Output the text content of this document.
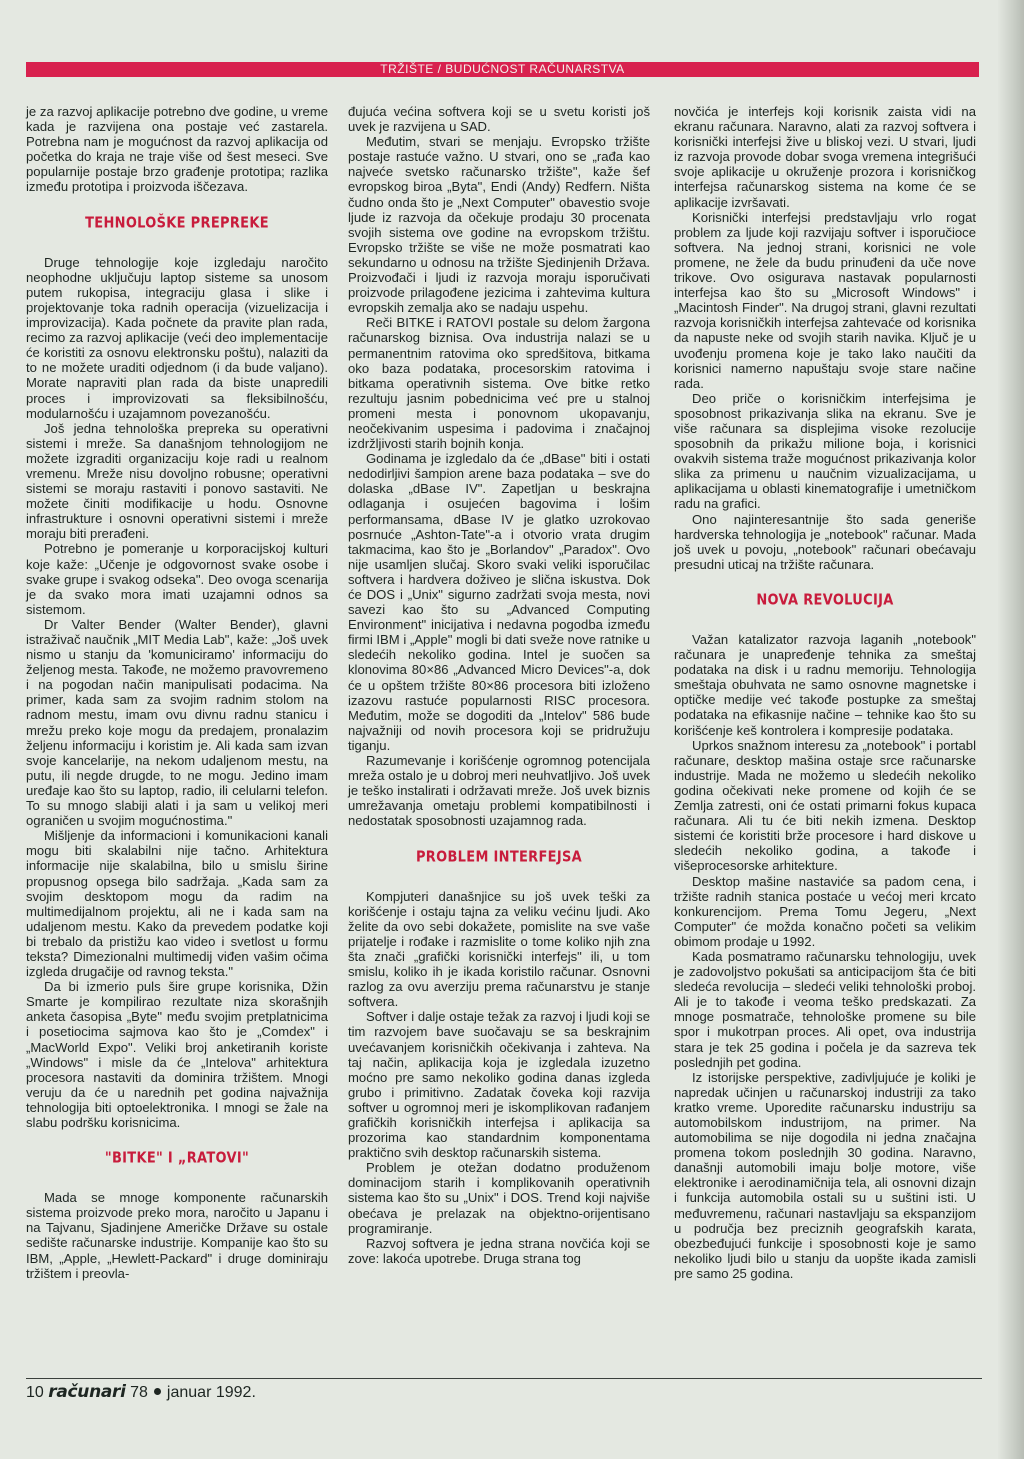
TRŽIŠTE / BUDUĆNOST RAČUNARSTVA

je za razvoj aplikacije potrebno dve godine, u vreme kada je razvijena ona postaje već zastarela. Potrebna nam je mogućnost da razvoj aplikacija od početka do kraja ne traje više od šest meseci. Sve popularnije postaje brzo građenje prototipa; razlika između prototipa i proizvoda iščezava.

TEHNOLOŠKE PREPREKE

Druge tehnologije koje izgledaju naročito neophodne uključuju laptop sisteme sa unosom putem rukopisa, integraciju glasa i slike i projektovanje toka radnih operacija (vizuelizacija i improvizacija). Kada počnete da pravite plan rada, recimo za razvoj aplikacije (veći deo implementacije će koristiti za osnovu elektronsku poštu), nalaziti da to ne možete uraditi odjednom (i da bude valjano). Morate napraviti plan rada da biste unapredili proces i improvizovati sa fleksibilnošću, modularnošću i uzajamnom povezanošću.

Još jedna tehnološka prepreka su operativni sistemi i mreže. Sa današnjom tehnologijom ne možete izgraditi organizaciju koje radi u realnom vremenu. Mreže nisu dovoljno robusne; operativni sistemi se moraju rastaviti i ponovo sastaviti. Ne možete činiti modifikacije u hodu. Osnovne infrastrukture i osnovni operativni sistemi i mreže moraju biti prerađeni.

Potrebno je pomeranje u korporacijskoj kulturi koje kaže: „Učenje je odgovornost svake osobe i svake grupe i svakog odseka". Deo ovoga scenarija je da svako mora imati uzajamni odnos sa sistemom.

Dr Valter Bender (Walter Bender), glavni istraživač naučnik „MIT Media Lab", kaže: „Još uvek nismo u stanju da 'komuniciramo' informaciju do željenog mesta. Takođe, ne možemo pravovremeno i na pogodan način manipulisati podacima. Na primer, kada sam za svojim radnim stolom na radnom mestu, imam ovu divnu radnu stanicu i mrežu preko koje mogu da predajem, pronalazim željenu informaciju i koristim je. Ali kada sam izvan svoje kancelarije, na nekom udaljenom mestu, na putu, ili negde drugde, to ne mogu. Jedino imam uređaje kao što su laptop, radio, ili celularni telefon. To su mnogo slabiji alati i ja sam u velikoj meri ograničen u svojim mogućnostima."

Mišljenje da informacioni i komunikacioni kanali mogu biti skalabilni nije tačno. Arhitektura informacije nije skalabilna, bilo u smislu širine propusnog opsega bilo sadržaja. „Kada sam za svojim desktopom mogu da radim na multimedijalnom projektu, ali ne i kada sam na udaljenom mestu. Kako da prevedem podatke koji bi trebalo da pristižu kao video i svetlost u formu teksta? Dimezionalni multimedij viđen vašim očima izgleda drugačije od ravnog teksta."

Da bi izmerio puls šire grupe korisnika, Džin Smarte je kompilirao rezultate niza skorašnjih anketa časopisa „Byte" među svojim pretplatnicima i posetiocima sajmova kao što je „Comdex" i „MacWorld Expo". Veliki broj anketiranih koriste „Windows" i misle da će „Intelova" arhitektura procesora nastaviti da dominira tržištem. Mnogi veruju da će u narednih pet godina najvažnija tehnologija biti optoelektronika. I mnogi se žale na slabu podršku korisnicima.

"BITKE" I „RATOVI"

Mada se mnoge komponente računarskih sistema proizvode preko mora, naročito u Japanu i na Tajvanu, Sjadinjene Američke Države su ostale sedište računarske industrije. Kompanije kao što su IBM, „Apple, „Hewlett-Packard" i druge dominiraju tržištem i preovla-

đujuća većina softvera koji se u svetu koristi još uvek je razvijena u SAD.

Međutim, stvari se menjaju. Evropsko tržište postaje rastuće važno. U stvari, ono se „rađa kao najveće svetsko računarsko tržište", kaže šef evropskog biroa „Byta", Endi (Andy) Redfern. Ništa čudno onda što je „Next Computer" obavestio svoje ljude iz razvoja da očekuje prodaju 30 procenata svojih sistema ove godine na evropskom tržištu. Evropsko tržište se više ne može posmatrati kao sekundarno u odnosu na tržište Sjedinjenih Država. Proizvođači i ljudi iz razvoja moraju isporučivati proizvode prilagođene jezicima i zahtevima kultura evropskih zemalja ako se nadaju uspehu.

Reči BITKE i RATOVI postale su delom žargona računarskog biznisa. Ova industrija nalazi se u permanentnim ratovima oko spredšitova, bitkama oko baza podataka, procesorskim ratovima i bitkama operativnih sistema. Ove bitke retko rezultuju jasnim pobednicima već pre u stalnoj promeni mesta i ponovnom ukopavanju, neočekivanim uspesima i padovima i značajnoj izdržljivosti starih bojnih konja.

Godinama je izgledalo da će „dBase" biti i ostati nedodirljivi šampion arene baza podataka – sve do dolaska „dBase IV". Zapetljan u beskrajna odlaganja i osujećen bagovima i lošim performansama, dBase IV je glatko uzrokovao posrnuće „Ashton-Tate"-a i otvorio vrata drugim takmacima, kao što je „Borlandov" „Paradox". Ovo nije usamljen slučaj. Skoro svaki veliki isporučilac softvera i hardvera doživeo je slična iskustva. Dok će DOS i „Unix" sigurno zadržati svoja mesta, novi savezi kao što su „Advanced Computing Environment" inicijativa i nedavna pogodba između firmi IBM i „Apple" mogli bi dati sveže nove ratnike u sledećih nekoliko godina. Intel je suočen sa klonovima 80×86 „Advanced Micro Devices"-a, dok će u opštem tržište 80×86 procesora biti izloženo izazovu rastuće popularnosti RISC procesora. Međutim, može se dogoditi da „Intelov" 586 bude najvažniji od novih procesora koji se pridružuju tiganju.

Razumevanje i korišćenje ogromnog potencijala mreža ostalo je u dobroj meri neuhvatljivo. Još uvek je teško instalirati i održavati mreže. Još uvek biznis umrežavanja ometaju problemi kompatibilnosti i nedostatak sposobnosti uzajamnog rada.

PROBLEM INTERFEJSA

Kompjuteri današnjice su još uvek teški za korišćenje i ostaju tajna za veliku većinu ljudi. Ako želite da ovo sebi dokažete, pomislite na sve vaše prijatelje i rođake i razmislite o tome koliko njih zna šta znači „grafički korisnički interfejs" ili, u tom smislu, koliko ih je ikada koristilo računar. Osnovni razlog za ovu averziju prema računarstvu je stanje softvera.

Softver i dalje ostaje težak za razvoj i ljudi koji se tim razvojem bave suočavaju se sa beskrajnim uvećavanjem korisničkih očekivanja i zahteva. Na taj način, aplikacija koja je izgledala izuzetno moćno pre samo nekoliko godina danas izgleda grubo i primitivno. Zadatak čoveka koji razvija softver u ogromnoj meri je iskomplikovan rađanjem grafičkih korisničkih interfejsa i aplikacija sa prozorima kao standardnim komponentama praktično svih desktop računarskih sistema.

Problem je otežan dodatno produženom dominacijom starih i komplikovanih operativnih sistema kao što su „Unix" i DOS. Trend koji najviše obećava je prelazak na objektno-orijentisano programiranje.

Razvoj softvera je jedna strana novčića koji se zove: lakoća upotrebe. Druga strana tog

novčića je interfejs koji korisnik zaista vidi na ekranu računara. Naravno, alati za razvoj softvera i korisnički interfejsi žive u bliskoj vezi. U stvari, ljudi iz razvoja provode dobar svoga vremena integrišući svoje aplikacije u okruženje prozora i korisničkog interfejsa računarskog sistema na kome će se aplikacije izvršavati.

Korisnički interfejsi predstavljaju vrlo rogat problem za ljude koji razvijaju softver i isporučioce softvera. Na jednoj strani, korisnici ne vole promene, ne žele da budu prinuđeni da uče nove trikove. Ovo osigurava nastavak popularnosti interfejsa kao što su „Microsoft Windows" i „Macintosh Finder". Na drugoj strani, glavni rezultati razvoja korisničkih interfejsa zahtevaće od korisnika da napuste neke od svojih starih navika. Ključ je u uvođenju promena koje je tako lako naučiti da korisnici namerno napuštaju svoje stare načine rada.

Deo priče o korisničkim interfejsima je sposobnost prikazivanja slika na ekranu. Sve je više računara sa displejima visoke rezolucije sposobnih da prikažu milione boja, i korisnici ovakvih sistema traže mogućnost prikazivanja kolor slika za primenu u naučnim vizualizacijama, u aplikacijama u oblasti kinematografije i umetničkom radu na grafici.

Ono najinteresantnije što sada generiše hardverska tehnologija je „notebook" računar. Mada još uvek u povoju, „notebook" računari obećavaju presudni uticaj na tržište računara.

NOVA REVOLUCIJA

Važan katalizator razvoja laganih „notebook" računara je unapređenje tehnika za smeštaj podataka na disk i u radnu memoriju. Tehnologija smeštaja obuhvata ne samo osnovne magnetske i optičke medije već takođe postupke za smeštaj podataka na efikasnije načine – tehnike kao što su korišćenje keš kontrolera i kompresije podataka.

Uprkos snažnom interesu za „notebook" i portabl računare, desktop mašina ostaje srce računarske industrije. Mada ne možemo u sledećih nekoliko godina očekivati neke promene od kojih će se Zemlja zatresti, oni će ostati primarni fokus kupaca računara. Ali tu će biti nekih izmena. Desktop sistemi će koristiti brže procesore i hard diskove u sledećih nekoliko godina, a takođe i višeprocesorske arhitekture.

Desktop mašine nastaviće sa padom cena, i tržište radnih stanica postaće u većoj meri krcato konkurencijom. Prema Tomu Jegeru, „Next Computer" će možda konačno početi sa velikim obimom prodaje u 1992.

Kada posmatramo računarsku tehnologiju, uvek je zadovoljstvo pokušati sa anticipacijom šta će biti sledeća revolucija – sledeći veliki tehnološki proboj. Ali je to takođe i veoma teško predskazati. Za mnoge posmatrače, tehnološke promene su bile spor i mukotrpan proces. Ali opet, ova industrija stara je tek 25 godina i počela je da sazreva tek poslednjih pet godina.

Iz istorijske perspektive, zadivljujuće je koliki je napredak učinjen u računarskoj industriji za tako kratko vreme. Uporedite računarsku industriju sa automobilskom industrijom, na primer. Na automobilima se nije dogodila ni jedna značajna promena tokom poslednjih 30 godina. Naravno, današnji automobili imaju bolje motore, više elektronike i aerodinamičnija tela, ali osnovni dizajn i funkcija automobila ostali su u suštini isti. U međuvremenu, računari nastavljaju sa ekspanzijom u područja bez preciznih geografskih karata, obezbeđujući funkcije i sposobnosti koje je samo nekoliko ljudi bilo u stanju da uopšte ikada zamisli pre samo 25 godina.

10 računari 78 januar 1992.
